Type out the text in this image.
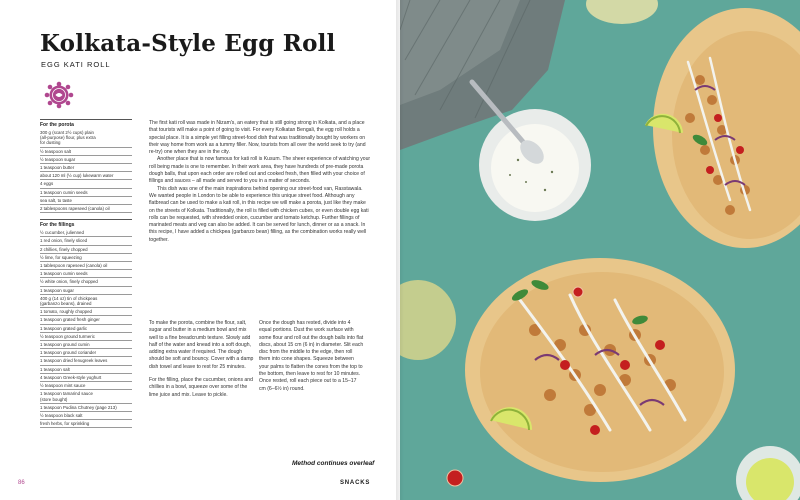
Kolkata-Style Egg Roll
EGG KATI ROLL
For the porota
300 g (scant 2½ cups) plain
(all-purpose) flour, plus extra
for dusting
½ teaspoon salt
½ teaspoon sugar
1 teaspoon butter
about 120 ml (½ cup) lukewarm water
4 eggs
1 teaspoon cumin seeds
sea salt, to taste
2 tablespoons rapeseed (canola) oil
For the fillings
½ cucumber, julienned
1 red onion, finely sliced
2 chillies, finely chopped
½ lime, for squeezing
1 tablespoon rapeseed (canola) oil
1 teaspoon cumin seeds
½ white onion, finely chopped
1 teaspoon sugar
400 g (14 oz) tin of chickpeas
(garbanzo beans), drained
1 tomato, roughly chopped
1 teaspoon grated fresh ginger
1 teaspoon grated garlic
½ teaspoon ground turmeric
1 teaspoon ground cumin
1 teaspoon ground coriander
1 teaspoon dried fenugreek leaves
1 teaspoon salt
4 teaspoon Greek-style yoghurt
½ teaspoon mint sauce
1 teaspoon tamarind sauce
(store bought)
1 teaspoon Pudina Chutney (page 213)
½ teaspoon black salt
fresh herbs, for sprinkling

The first kati roll was made in Nizam's, an eatery that is still going strong in Kolkata, and a place that tourists will make a point of going to visit. For every Kolkatan Bengali, the egg roll holds a special place. It is a simple yet filling street-food dish that was traditionally bought by workers on their way home from work as a tummy filler. Now, tourists from all over the world seek to try (and re-try) one when they are in the city.

Another place that is now famous for kati roll is Kusum. The sheer experience of watching your roll being made is one to remember. In their work area, they have hundreds of pre-made porota dough balls, that upon each order are rolled out and cooked fresh, then filled with your choice of fillings and sauces – all made and served to you in a matter of seconds.

This dish was one of the main inspirations behind opening our street-food van, Rasstawala. We wanted people in London to be able to experience this unique street food. Although any flatbread can be used to make a kati roll, in this recipe we will make a porota, just like they make on the streets of Kolkata. Traditionally, the roll is filled with chicken cubes, or even double egg kati rolls can be requested, with shredded onion, cucumber and tomato ketchup. Further fillings of marinated meats and veg can also be added. It can be served for lunch, dinner or as a snack. In this recipe, I have added a chickpea (garbanzo bean) filling, as the combination works really well together.

To make the porota, combine the flour, salt, sugar and butter in a medium bowl and mix well to a fine breadcrumb texture. Slowly add half of the water and knead into a soft dough, adding extra water if required. The dough should be soft and bouncy. Cover with a damp dish towel and leave to rest for 25 minutes.

For the filling, place the cucumber, onions and chillies in a bowl, squeeze over some of the lime juice and mix. Leave to pickle.

Once the dough has rested, divide into 4 equal portions. Dust the work surface with some flour and roll out the dough balls into flat discs, about 15 cm (6 in) in diameter. Slit each disc from the middle to the edge, then roll them into cone shapes. Squeeze between your palms to flatten the cones from the top to the bottom, then leave to rest for 10 minutes. Once rested, roll each piece out to a 15–17 cm (6–6½ in) round.

Method continues overleaf
86	SNACKS
